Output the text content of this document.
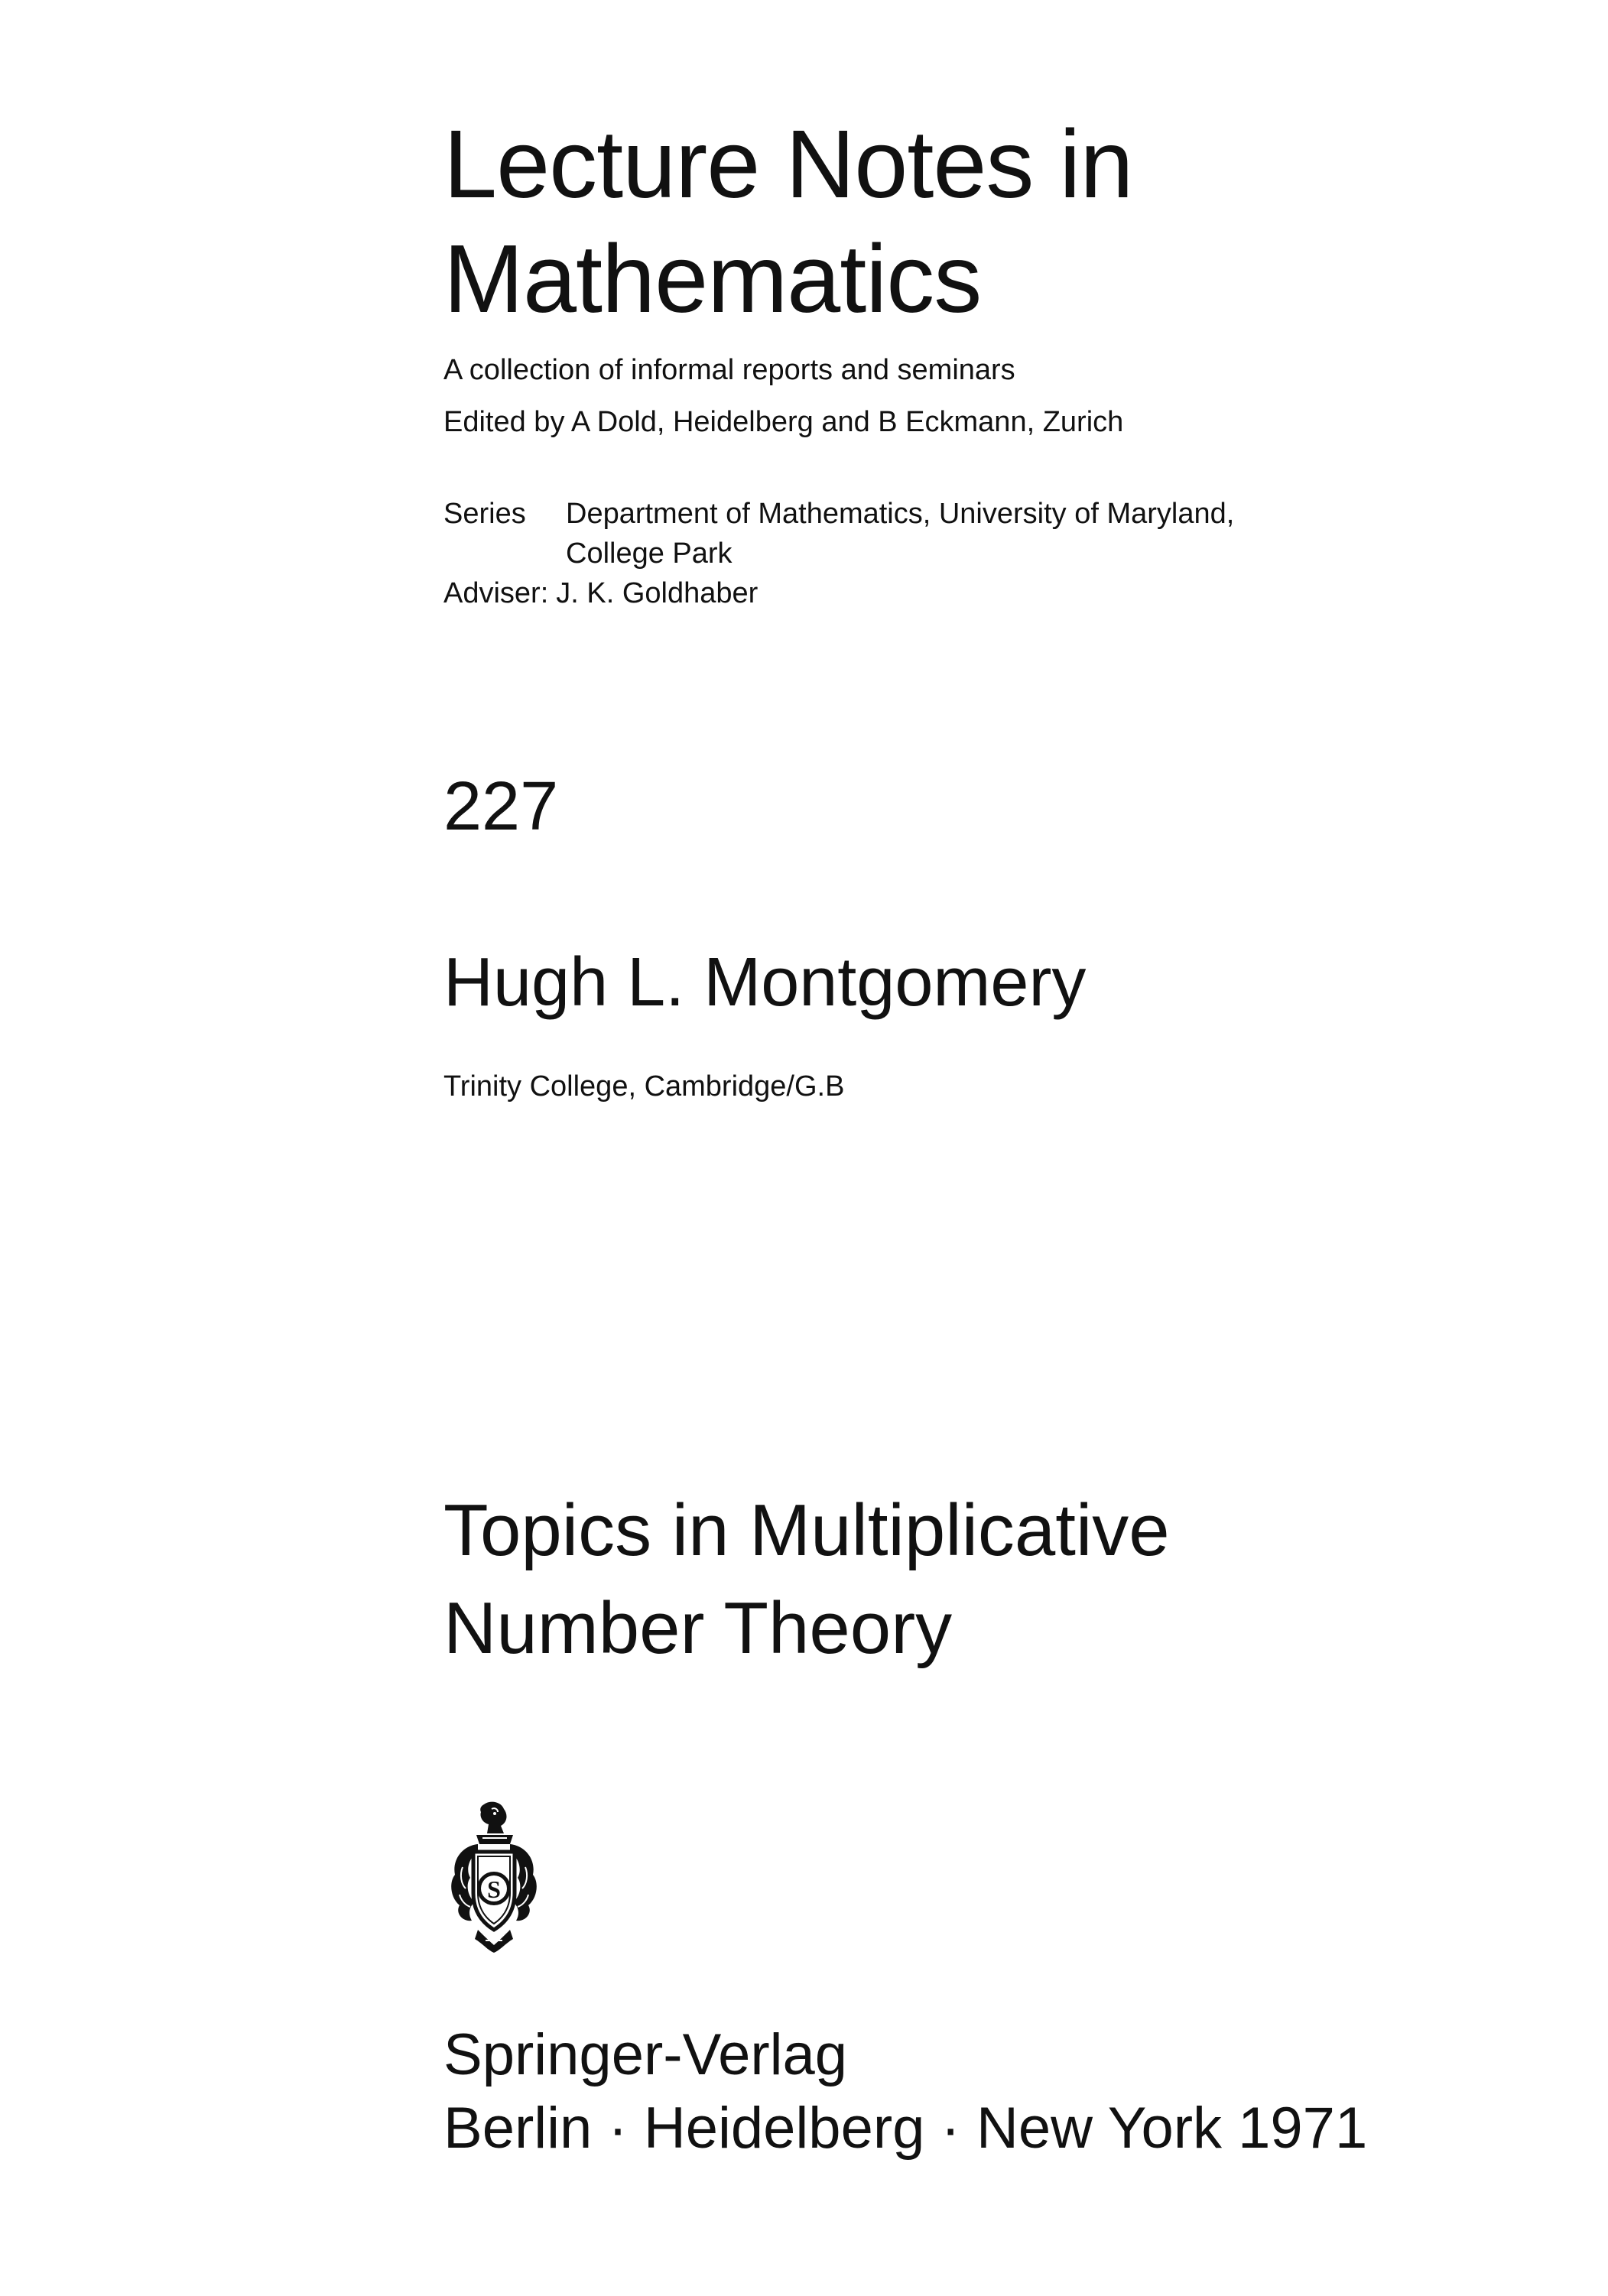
Lecture Notes in
Mathematics
A collection of informal reports and seminars
Edited by A Dold, Heidelberg and B Eckmann, Zurich
Series	Department of Mathematics, University of Maryland,
College Park
Adviser: J. K. Goldhaber
227
Hugh L. Montgomery
Trinity College, Cambridge/G.B
Topics in Multiplicative
Number Theory
S
Springer-Verlag
Berlin · Heidelberg · New York 1971
